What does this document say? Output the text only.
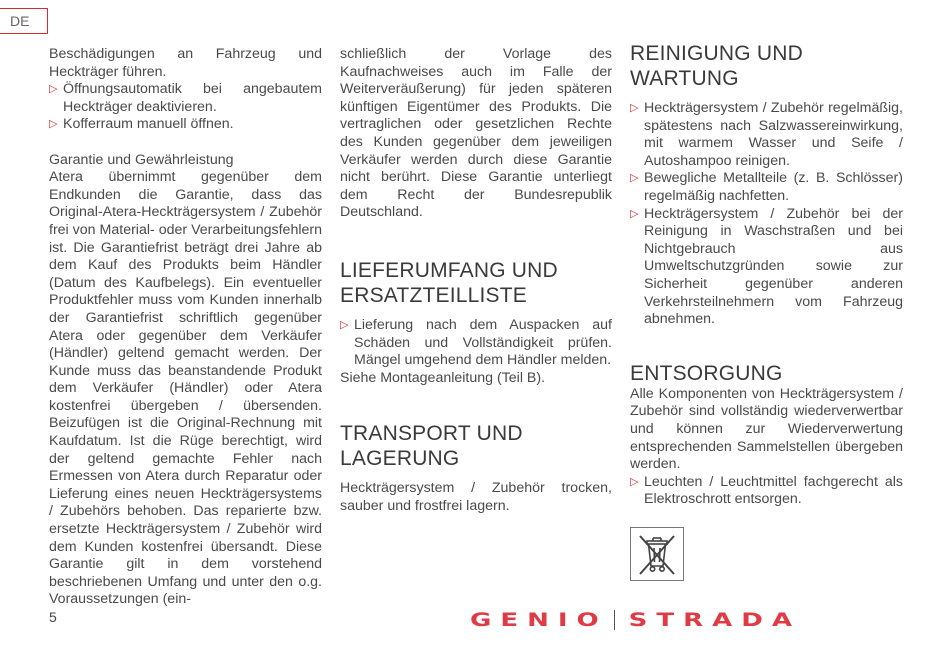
DE

Beschädigungen an Fahrzeug und Heckträger führen.

▷ Öffnungsautomatik bei angebautem Heckträger deaktivieren.
▷ Kofferraum manuell öffnen.

Garantie und Gewährleistung

Atera übernimmt gegenüber dem Endkunden die Garantie, dass das Original-Atera-Heckträgersystem / Zubehör frei von Material- oder Verarbeitungsfehlern ist. Die Garantiefrist beträgt drei Jahre ab dem Kauf des Produkts beim Händler (Datum des Kaufbelegs). Ein eventueller Produktfehler muss vom Kunden innerhalb der Garantiefrist schriftlich gegenüber Atera oder gegenüber dem Verkäufer (Händler) geltend gemacht werden. Der Kunde muss das beanstandende Produkt dem Verkäufer (Händler) oder Atera kostenfrei übergeben / übersenden. Beizufügen ist die Original-Rechnung mit Kaufdatum. Ist die Rüge berechtigt, wird der geltend gemachte Fehler nach Ermessen von Atera durch Reparatur oder Lieferung eines neuen Heckträgersystems / Zubehörs behoben. Das reparierte bzw. ersetzte Heckträgersystem / Zubehör wird dem Kunden kostenfrei übersandt. Diese Garantie gilt in dem vorstehend beschriebenen Umfang und unter den o.g. Voraussetzungen (ein-

schließlich der Vorlage des Kaufnachweises auch im Falle der Weiterveräußerung) für jeden späteren künftigen Eigentümer des Produkts. Die vertraglichen oder gesetzlichen Rechte des Kunden gegenüber dem jeweiligen Verkäufer werden durch diese Garantie nicht berührt. Diese Garantie unterliegt dem Recht der Bundesrepublik Deutschland.

LIEFERUMFANG UND ERSATZTEILLISTE
▷ Lieferung nach dem Auspacken auf Schäden und Vollständigkeit prüfen. Mängel umgehend dem Händler melden.

Siehe Montageanleitung (Teil B).

TRANSPORT UND LAGERUNG

Heckträgersystem / Zubehör trocken, sauber und frostfrei lagern.

REINIGUNG UND WARTUNG
▷ Heckträgersystem / Zubehör regelmäßig, spätestens nach Salzwassereinwirkung, mit warmem Wasser und Seife / Autoshampoo reinigen.
▷ Bewegliche Metallteile (z. B. Schlösser) regelmäßig nachfetten.
▷ Heckträgersystem / Zubehör bei der Reinigung in Waschstraßen und bei Nichtgebrauch aus Umweltschutzgründen sowie zur Sicherheit gegenüber anderen Verkehrsteilnehmern vom Fahrzeug abnehmen.
ENTSORGUNG

Alle Komponenten von Heckträgersystem / Zubehör sind vollständig wiederverwertbar und können zur Wiederverwertung entsprechenden Sammelstellen übergeben werden.

▷ Leuchten / Leuchtmittel fachgerecht als Elektroschrott entsorgen.
5	GENIO STRADA
